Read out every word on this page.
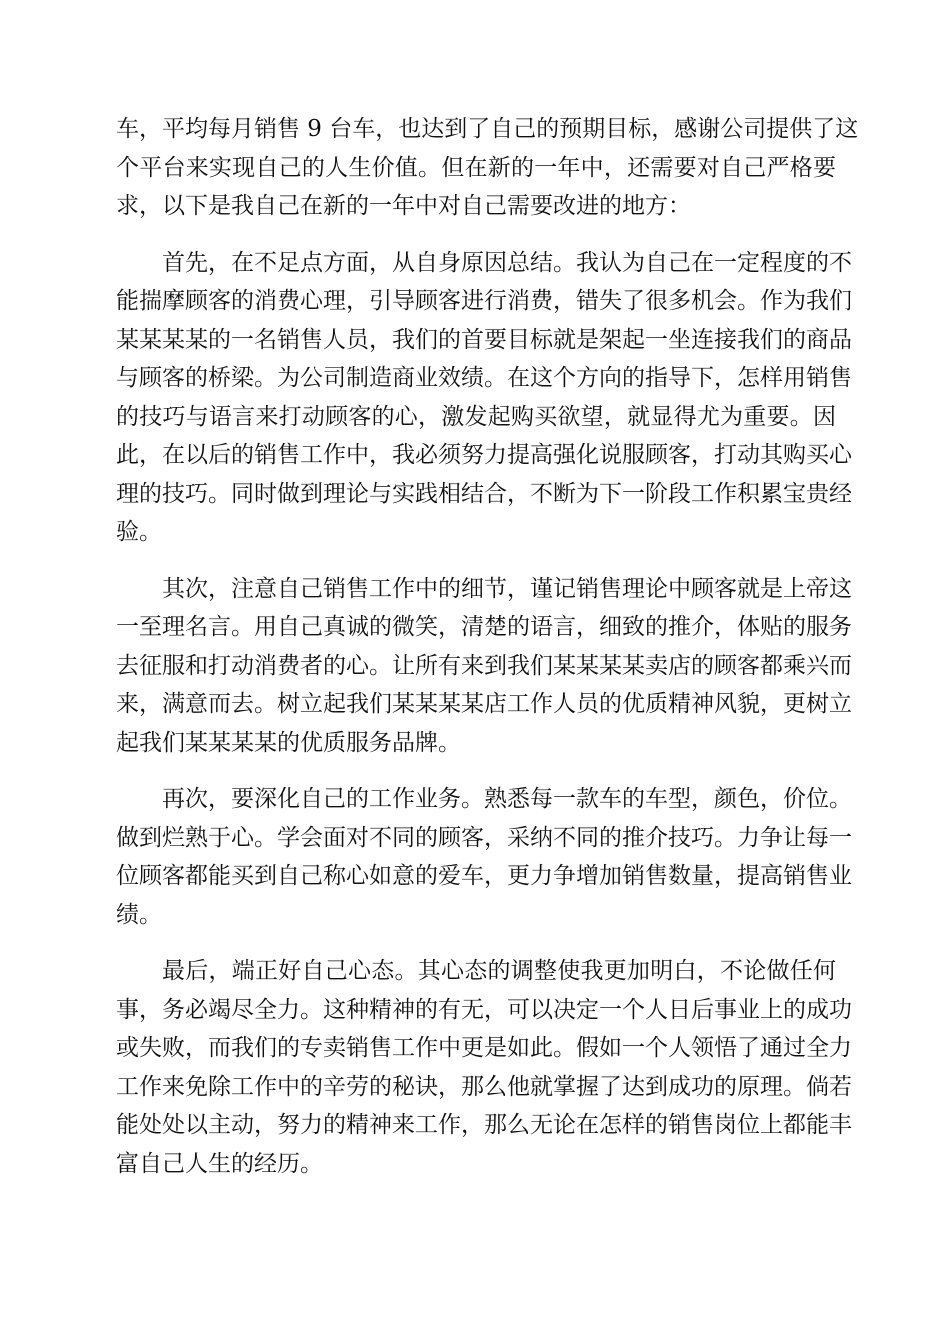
车，平均每月销售 9 台车，也达到了自己的预期目标，感谢公司提供了这
个平台来实现自己的人生价值。但在新的一年中，还需要对自己严格要
求，以下是我自己在新的一年中对自己需要改进的地方：
首先，在不足点方面，从自身原因总结。我认为自己在一定程度的不
能揣摩顾客的消费心理，引导顾客进行消费，错失了很多机会。作为我们
某某某某的一名销售人员，我们的首要目标就是架起一坐连接我们的商品
与顾客的桥梁。为公司制造商业效绩。在这个方向的指导下，怎样用销售
的技巧与语言来打动顾客的心，激发起购买欲望，就显得尤为重要。因
此，在以后的销售工作中，我必须努力提高强化说服顾客，打动其购买心
理的技巧。同时做到理论与实践相结合，不断为下一阶段工作积累宝贵经
验。
其次，注意自己销售工作中的细节，谨记销售理论中顾客就是上帝这
一至理名言。用自己真诚的微笑，清楚的语言，细致的推介，体贴的服务
去征服和打动消费者的心。让所有来到我们某某某某卖店的顾客都乘兴而
来，满意而去。树立起我们某某某某店工作人员的优质精神风貌，更树立
起我们某某某某的优质服务品牌。
再次，要深化自己的工作业务。熟悉每一款车的车型，颜色，价位。
做到烂熟于心。学会面对不同的顾客，采纳不同的推介技巧。力争让每一
位顾客都能买到自己称心如意的爱车，更力争增加销售数量，提高销售业
绩。
最后，端正好自己心态。其心态的调整使我更加明白，不论做任何
事，务必竭尽全力。这种精神的有无，可以决定一个人日后事业上的成功
或失败，而我们的专卖销售工作中更是如此。假如一个人领悟了通过全力
工作来免除工作中的辛劳的秘诀，那么他就掌握了达到成功的原理。倘若
能处处以主动，努力的精神来工作，那么无论在怎样的销售岗位上都能丰
富自己人生的经历。
